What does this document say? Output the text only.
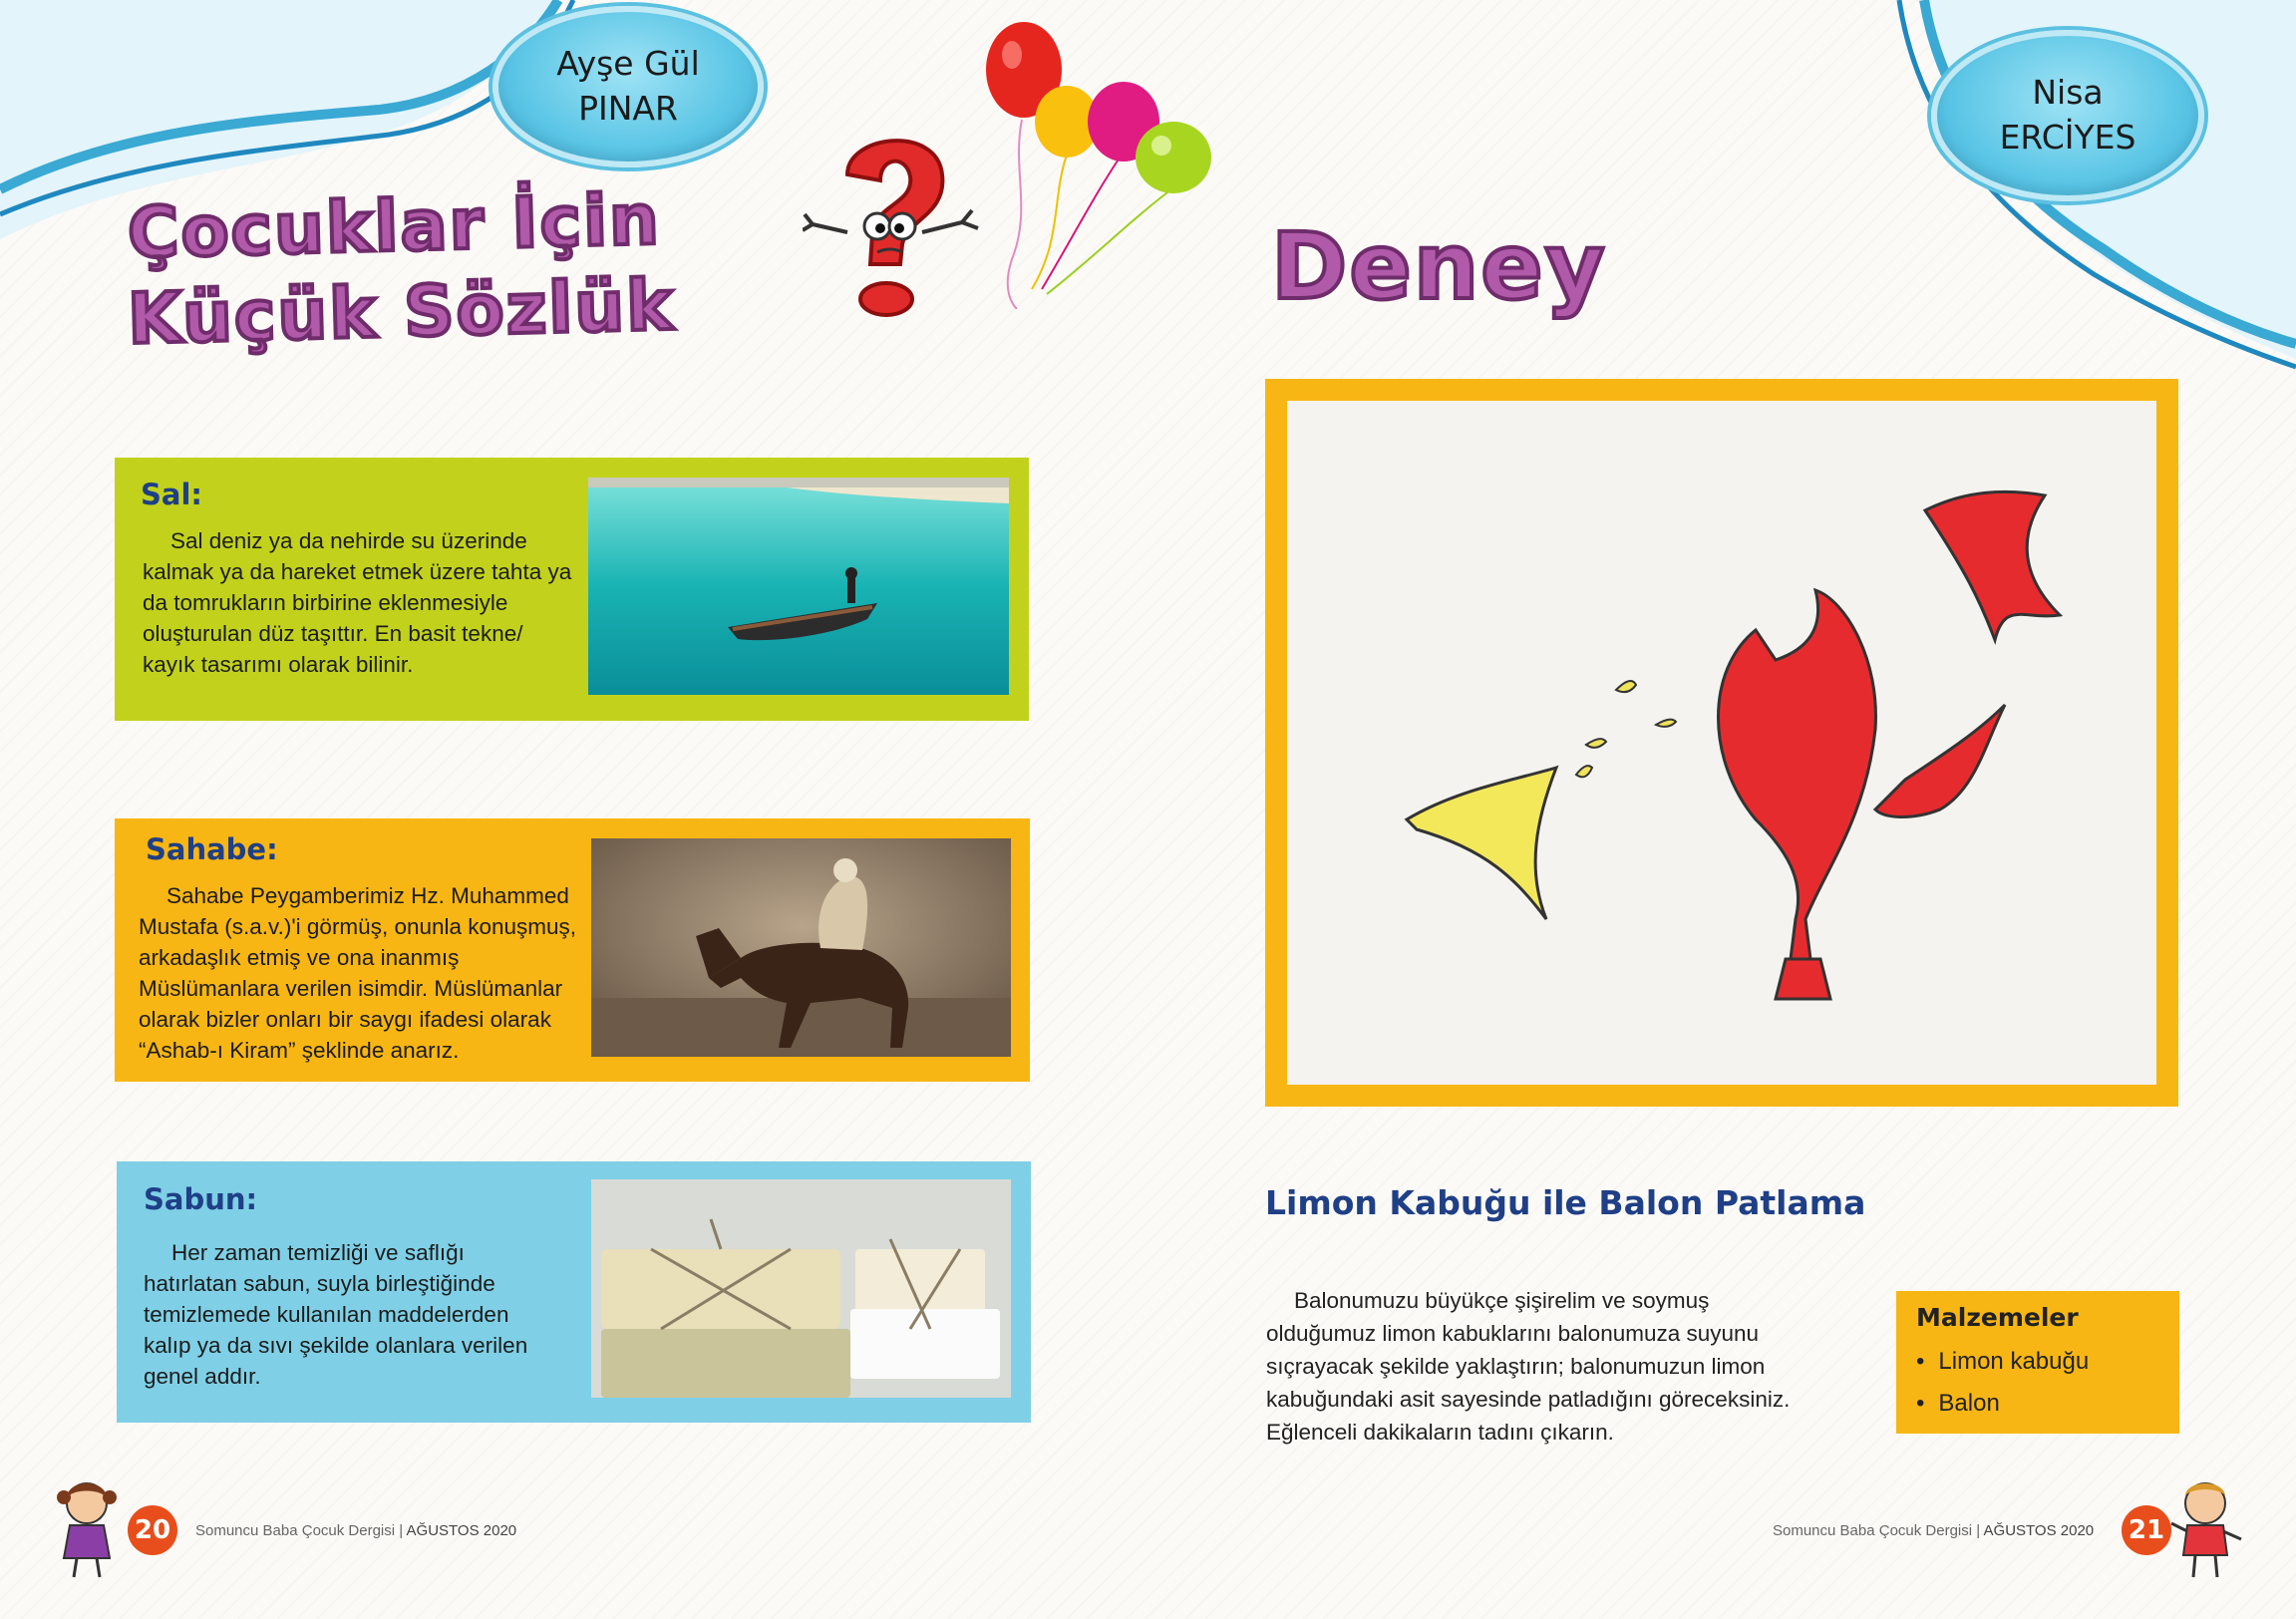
Ayşe Gül
PINAR
Çocuklar İçin
Küçük Sözlük
Sal:
Sal deniz ya da nehirde su üzerinde kalmak ya da hareket etmek üzere tahta ya da tomrukların birbirine eklenmesiyle oluşturulan düz taşıttır. En basit tekne/ kayık tasarımı olarak bilinir.
Sahabe:
Sahabe Peygamberimiz Hz. Muhammed Mustafa (s.a.v.)'i görmüş, onunla konuşmuş, arkadaşlık etmiş ve ona inanmış Müslümanlara verilen isimdir. Müslümanlar olarak bizler onları bir saygı ifadesi olarak “Ashab-ı Kiram” şeklinde anarız.
Sabun:
Her zaman temizliği ve saflığı hatırlatan sabun, suyla birleştiğinde temizlemede kullanılan maddelerden kalıp ya da sıvı şekilde olanlara verilen genel addır.
20	Somuncu Baba Çocuk Dergisi | AĞUSTOS 2020
Nisa
ERCİYES
Deney
Limon Kabuğu ile Balon Patlama
Balonumuzu büyükçe şişirelim ve soymuş olduğumuz limon kabuklarını balonumuza suyunu sıçrayacak şekilde yaklaştırın; balonumuzun limon kabuğundaki asit sayesinde patladığını göreceksiniz. Eğlenceli dakikaların tadını çıkarın.
Malzemeler
• Limon kabuğu
• Balon
Somuncu Baba Çocuk Dergisi | AĞUSTOS 2020 21
